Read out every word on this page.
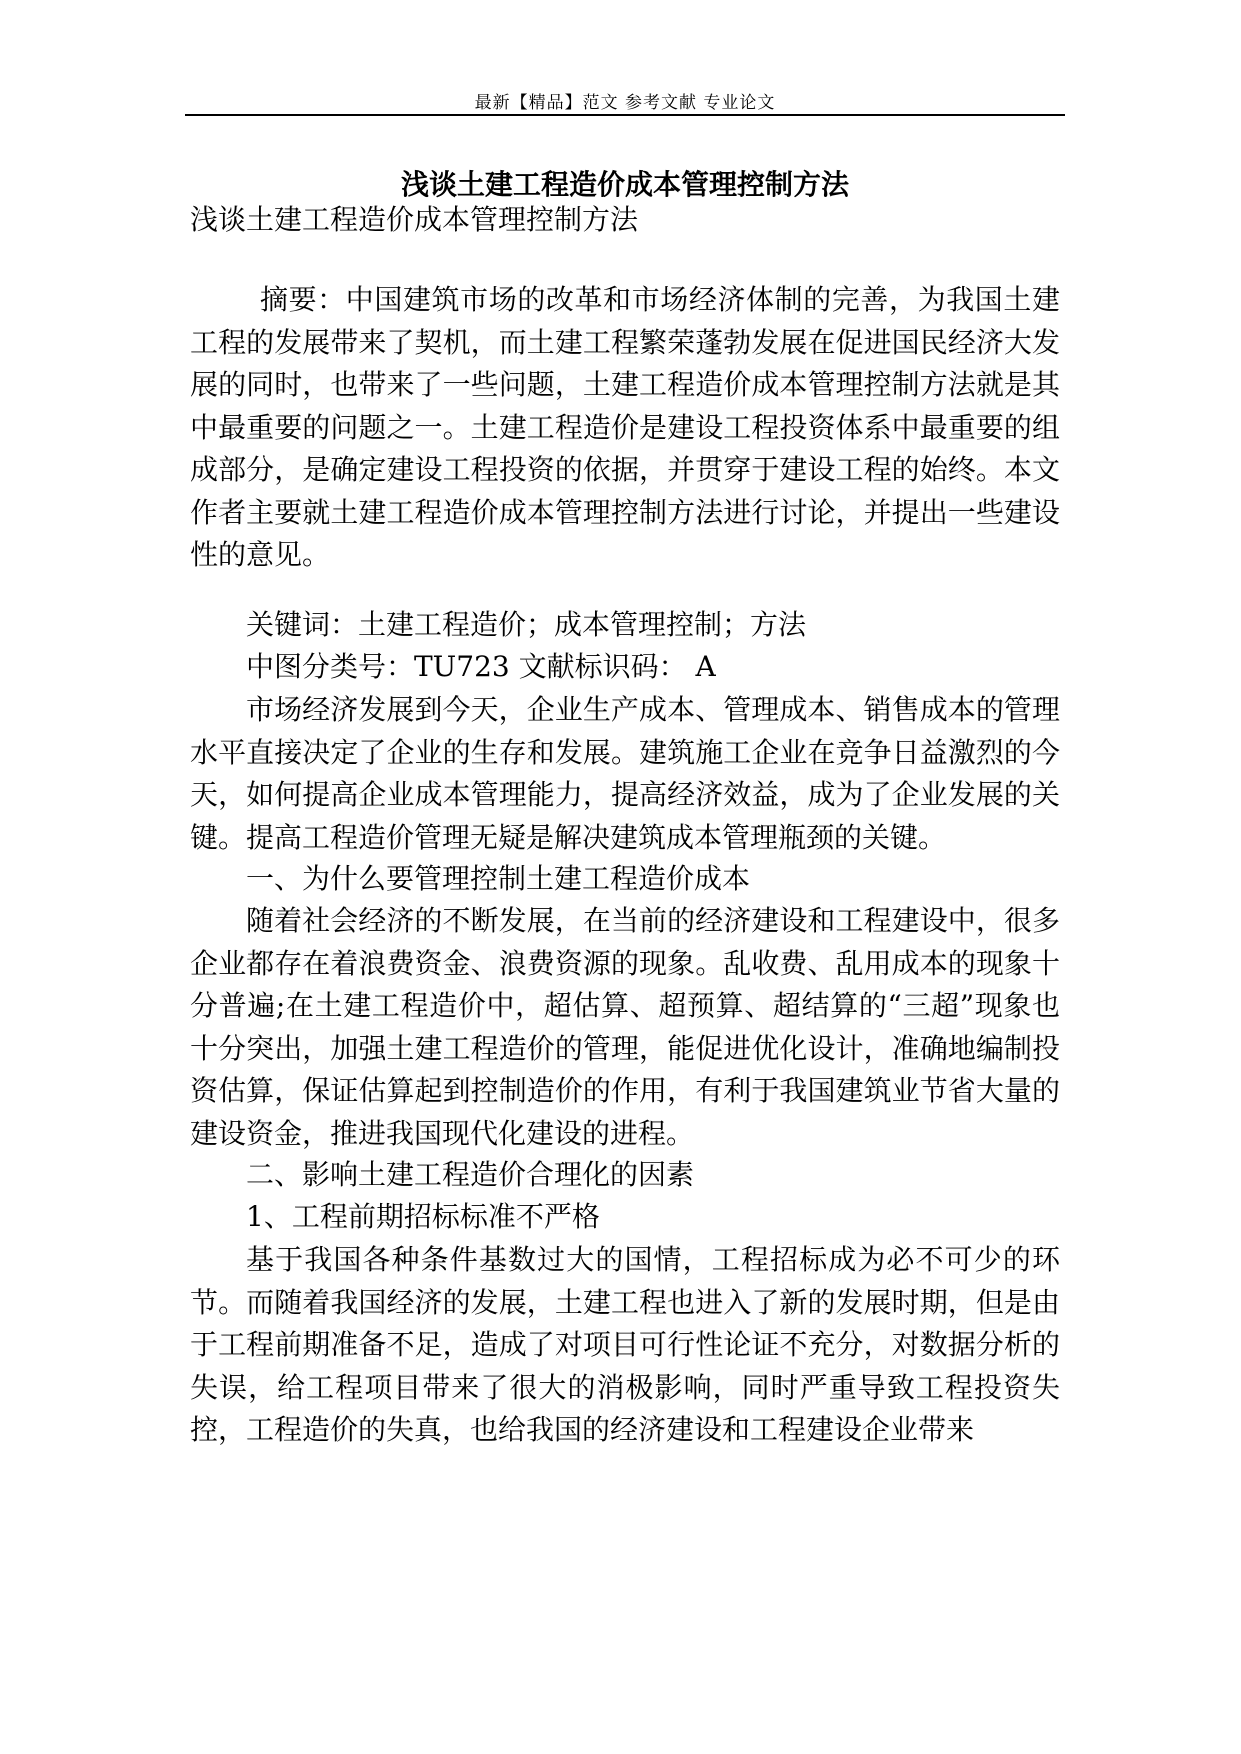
最新【精品】范文 参考文献 专业论文
浅谈土建工程造价成本管理控制方法

浅谈土建工程造价成本管理控制方法

摘要：中国建筑市场的改革和市场经济体制的完善，为我国土建工程的发展带来了契机，而土建工程繁荣蓬勃发展在促进国民经济大发展的同时，也带来了一些问题，土建工程造价成本管理控制方法就是其中最重要的问题之一。土建工程造价是建设工程投资体系中最重要的组成部分，是确定建设工程投资的依据，并贯穿于建设工程的始终。本文作者主要就土建工程造价成本管理控制方法进行讨论，并提出一些建设性的意见。

关键词：土建工程造价；成本管理控制；方法

中图分类号：TU723 文献标识码： A

市场经济发展到今天，企业生产成本、管理成本、销售成本的管理水平直接决定了企业的生存和发展。建筑施工企业在竞争日益激烈的今天，如何提高企业成本管理能力，提高经济效益，成为了企业发展的关键。提高工程造价管理无疑是解决建筑成本管理瓶颈的关键。

一、为什么要管理控制土建工程造价成本

随着社会经济的不断发展，在当前的经济建设和工程建设中，很多企业都存在着浪费资金、浪费资源的现象。乱收费、乱用成本的现象十分普遍;在土建工程造价中，超估算、超预算、超结算的“三超”现象也十分突出，加强土建工程造价的管理，能促进优化设计，准确地编制投资估算，保证估算起到控制造价的作用，有利于我国建筑业节省大量的建设资金，推进我国现代化建设的进程。

二、影响土建工程造价合理化的因素

1、工程前期招标标准不严格

基于我国各种条件基数过大的国情，工程招标成为必不可少的环节。而随着我国经济的发展，土建工程也进入了新的发展时期，但是由于工程前期准备不足，造成了对项目可行性论证不充分，对数据分析的失误，给工程项目带来了很大的消极影响，同时严重导致工程投资失控，工程造价的失真，也给我国的经济建设和工程建设企业带来
